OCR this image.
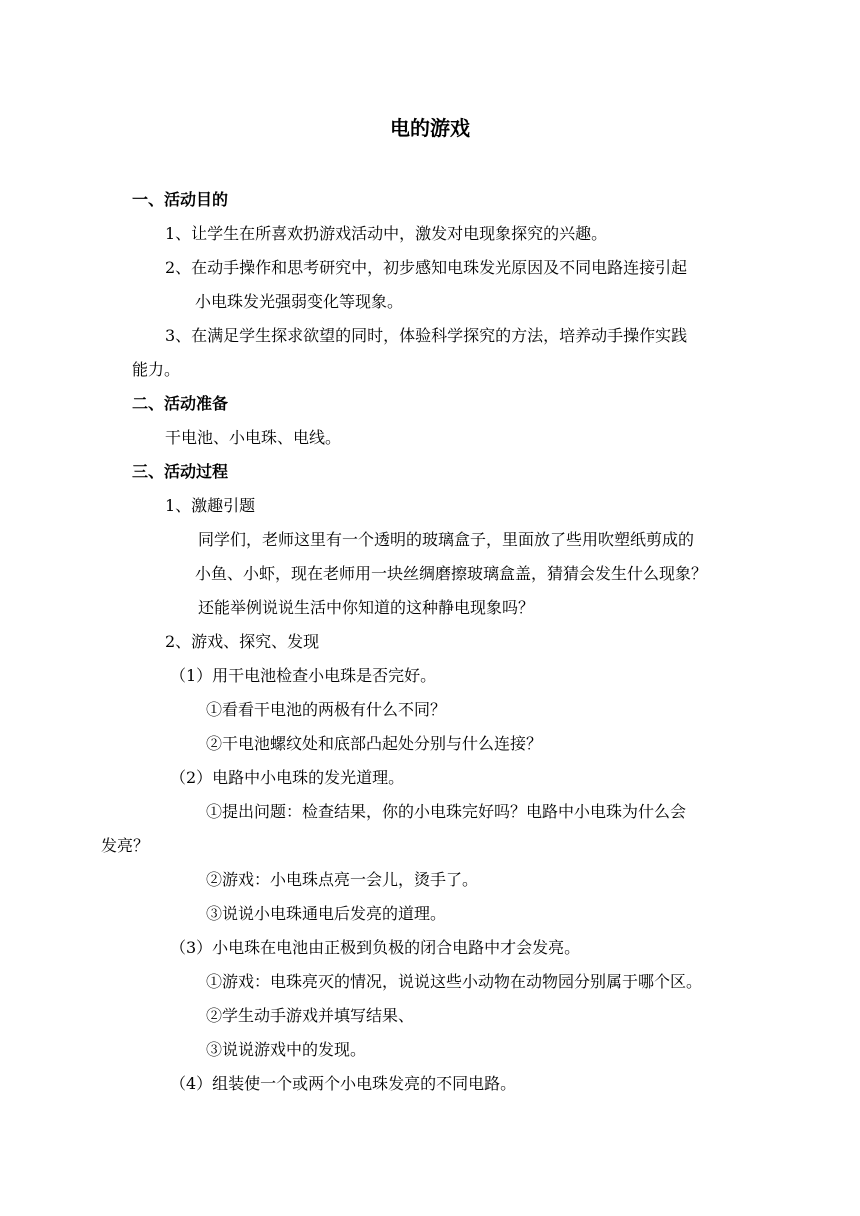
电的游戏
一、活动目的
1、让学生在所喜欢扔游戏活动中，激发对电现象探究的兴趣。
2、在动手操作和思考研究中，初步感知电珠发光原因及不同电路连接引起
小电珠发光强弱变化等现象。
3、在满足学生探求欲望的同时，体验科学探究的方法，培养动手操作实践
能力。
二、活动准备
干电池、小电珠、电线。
三、活动过程
1、激趣引题
同学们，老师这里有一个透明的玻璃盒子，里面放了些用吹塑纸剪成的
小鱼、小虾，现在老师用一块丝绸磨擦玻璃盒盖，猜猜会发生什么现象？
还能举例说说生活中你知道的这种静电现象吗？
2、游戏、探究、发现
（1）用干电池检查小电珠是否完好。
①看看干电池的两极有什么不同？
②干电池螺纹处和底部凸起处分别与什么连接？
（2）电路中小电珠的发光道理。
①提出问题：检查结果，你的小电珠完好吗？电路中小电珠为什么会
发亮？
②游戏：小电珠点亮一会儿，烫手了。
③说说小电珠通电后发亮的道理。
（3）小电珠在电池由正极到负极的闭合电路中才会发亮。
①游戏：电珠亮灭的情况，说说这些小动物在动物园分别属于哪个区。
②学生动手游戏并填写结果、
③说说游戏中的发现。
（4）组装使一个或两个小电珠发亮的不同电路。
